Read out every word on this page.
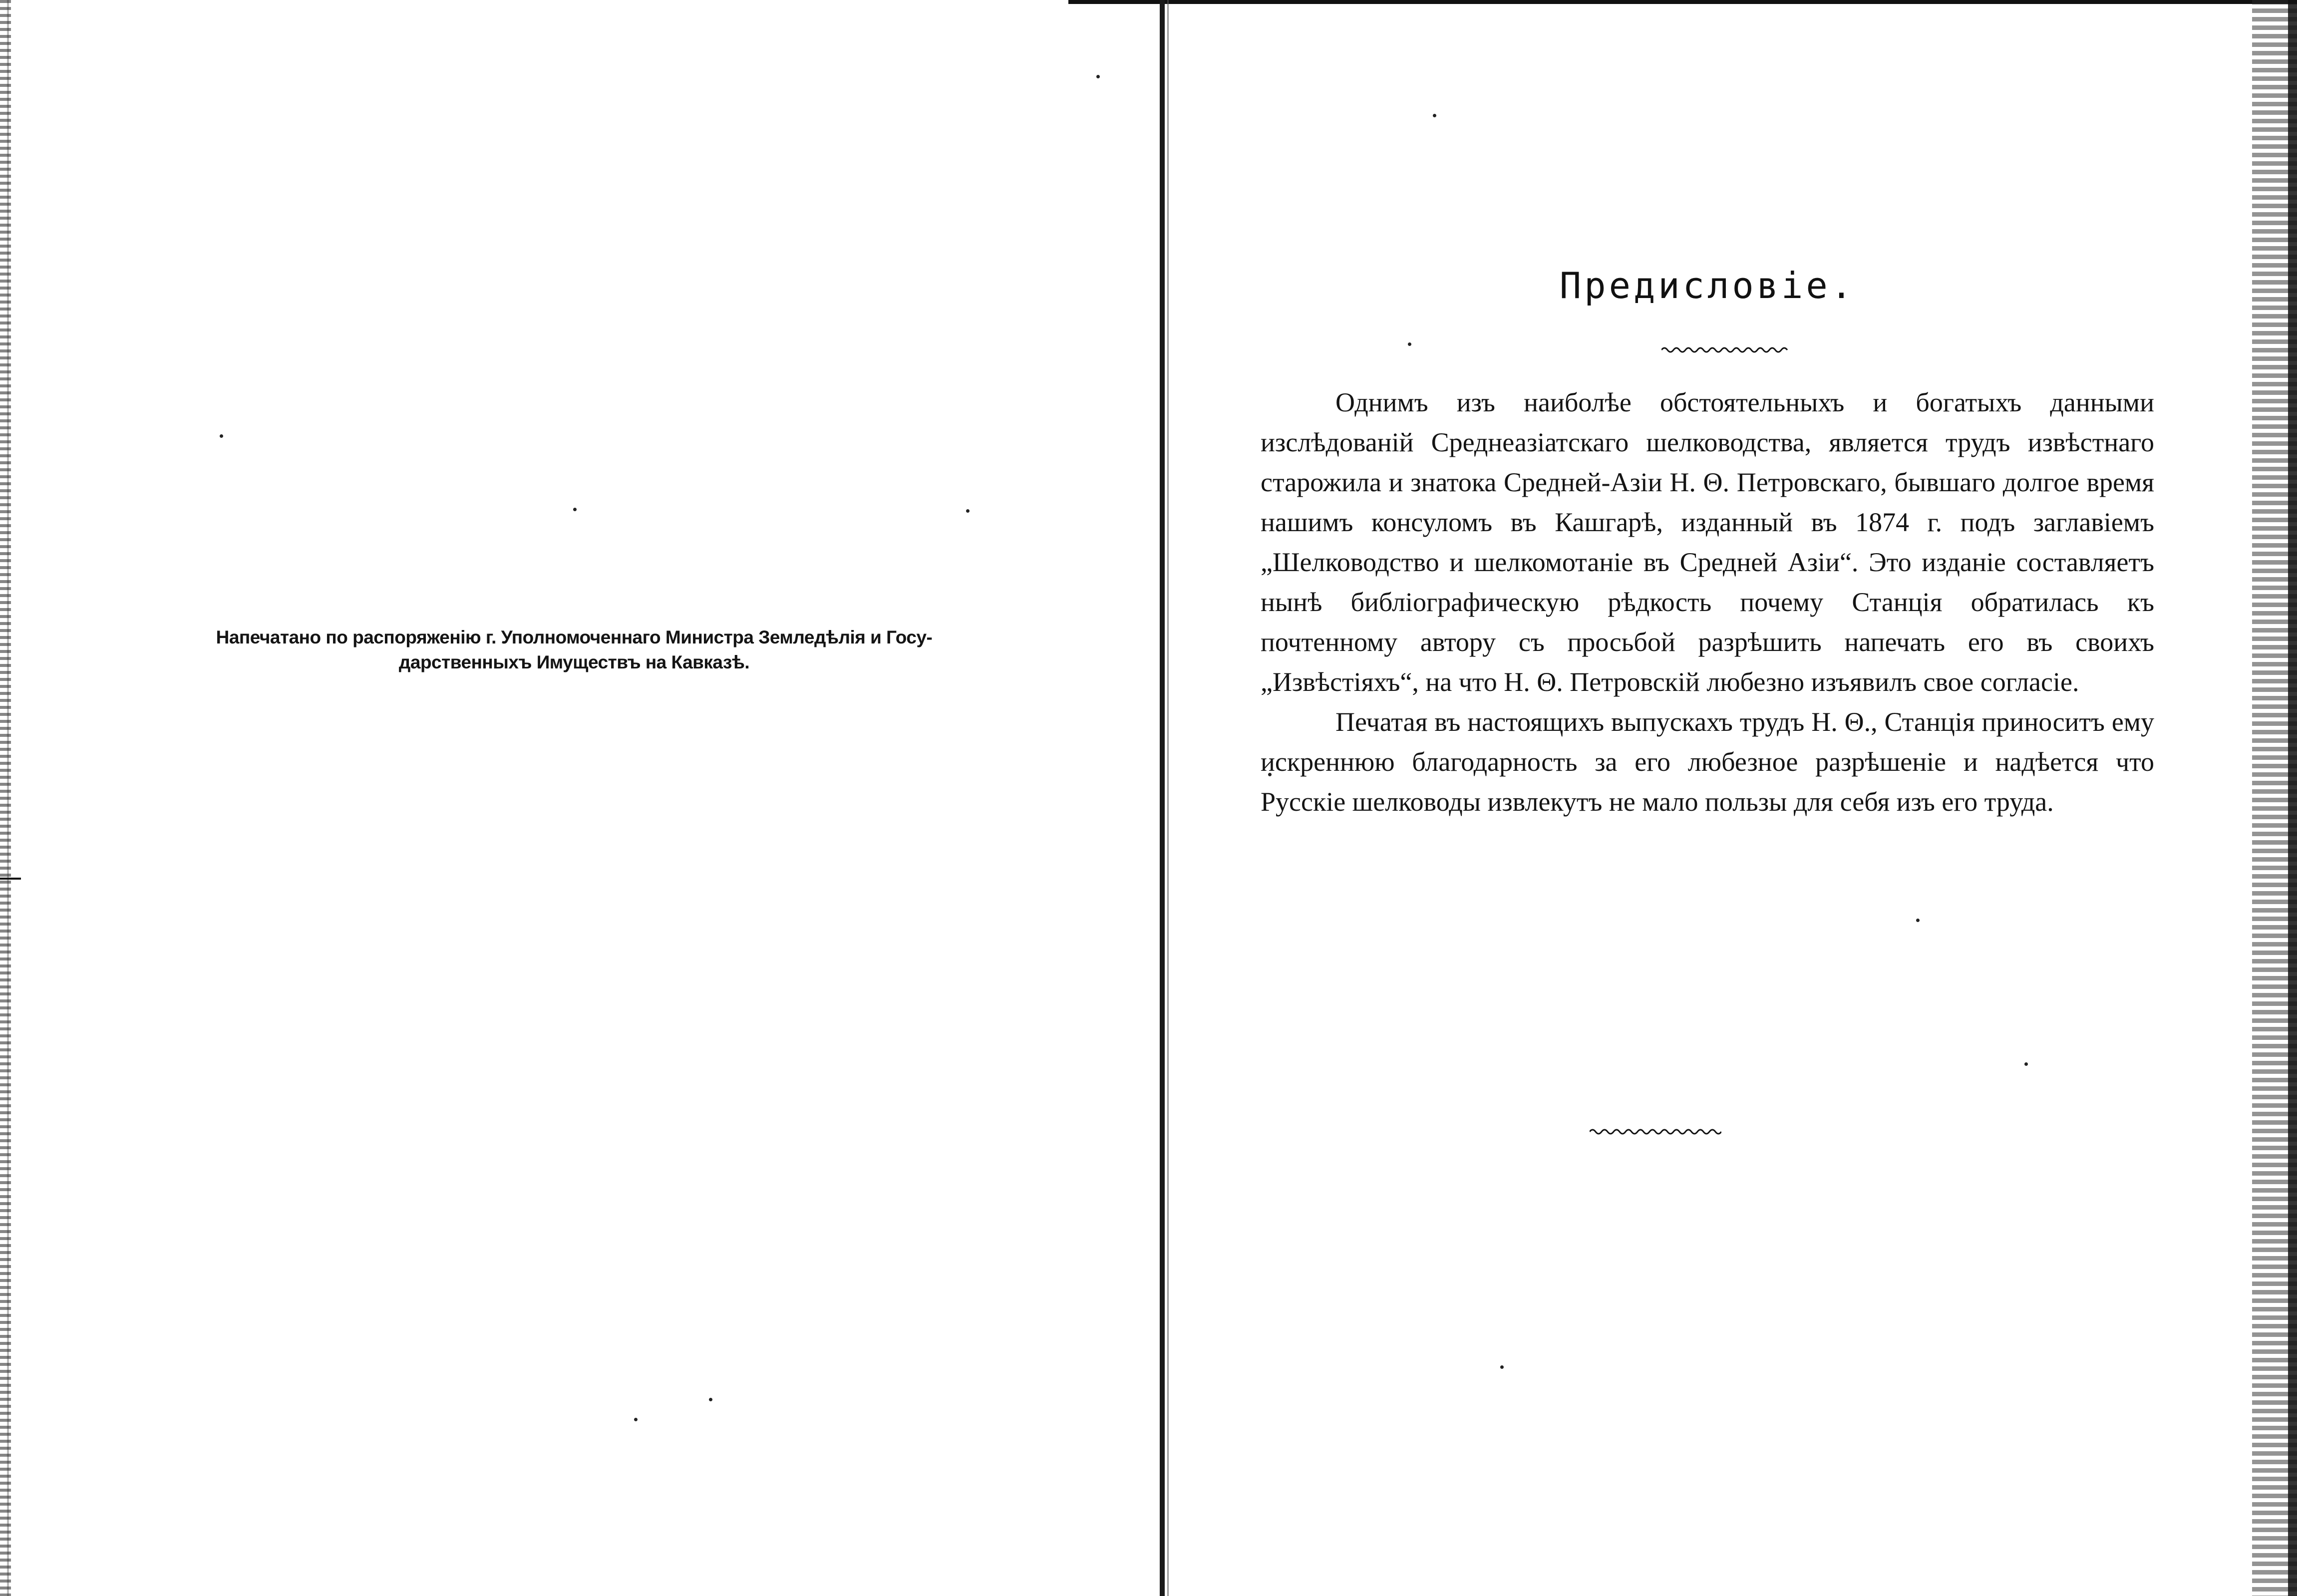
Напечатано по распоряженію г. Уполномоченнаго Министра Земледѣлія и Госу-
дарственныхъ Имуществъ на Кавказѣ.
Предисловіе.

Однимъ изъ наиболѣе обстоятельныхъ и богатыхъ данными изслѣдованій Среднеазіатскаго шелководства, является трудъ извѣстнаго старожила и знатока Средней-Азіи Н. Θ. Петровскаго, бывшаго долгое время нашимъ консуломъ въ Кашгарѣ, изданный въ 1874 г. подъ заглавіемъ „Шелководство и шелкомотаніе въ Средней Азіи“. Это изданіе составляетъ нынѣ библіографическую рѣдкость почему Станція обратилась къ почтенному автору съ просьбой разрѣшить напечать его въ своихъ „Извѣстіяхъ“, на что Н. Θ. Петровскій любезно изъявилъ свое согласіе.

Печатая въ настоящихъ выпускахъ трудъ Н. Θ., Станція приноситъ ему искреннюю благодарность за его любезное разрѣшеніе и надѣется что Русскіе шелководы извлекутъ не мало пользы для себя изъ его труда.
